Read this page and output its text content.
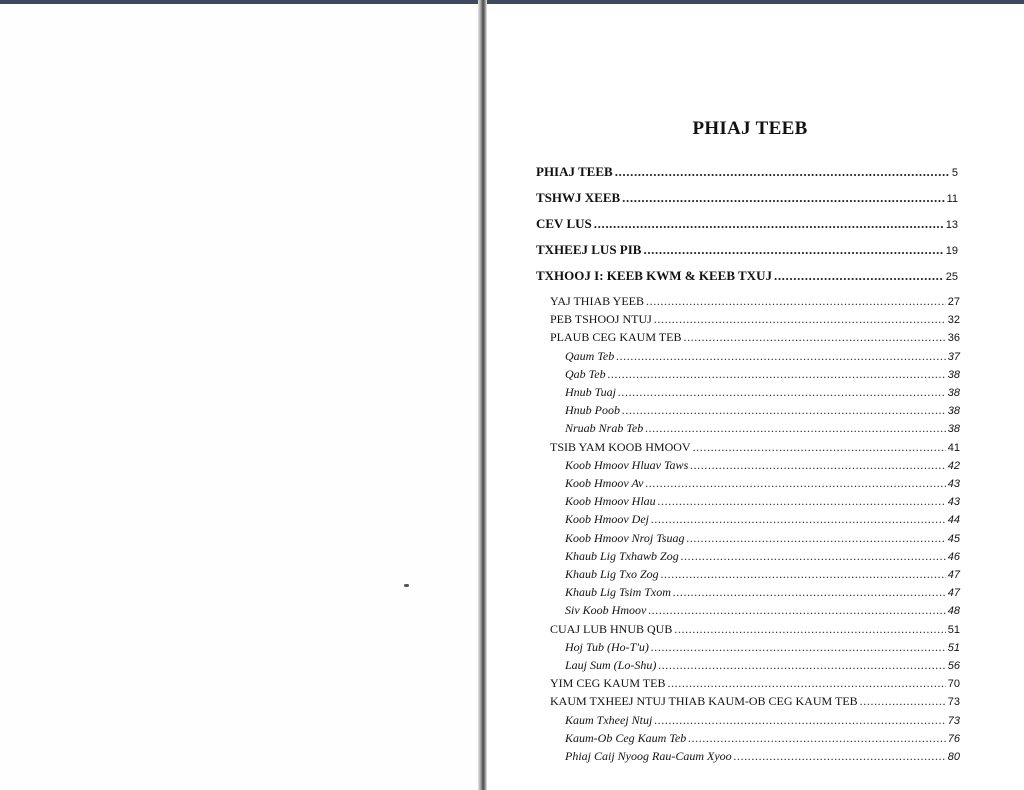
PHIAJ TEEB
PHIAJ TEEB .....	5
TSHWJ XEEB .....	11
CEV LUS .....	13
TXHEEJ LUS PIB .....	19
TXHOOJ I: KEEB KWM & KEEB TXUJ .....	25
YAJ THIAB YEEB .....	27
PEB TSHOOJ NTUJ .....	32
PLAUB CEG KAUM TEB .....	36
Qaum Teb .....	37
Qab Teb .....	38
Hnub Tuaj .....	38
Hnub Poob .....	38
Nruab Nrab Teb .....	38
TSIB YAM KOOB HMOOV .....	41
Koob Hmoov Hluav Taws .....	42
Koob Hmoov Av .....	43
Koob Hmoov Hlau .....	43
Koob Hmoov Dej .....	44
Koob Hmoov Nroj Tsuag .....	45
Khaub Lig Txhawb Zog .....	46
Khaub Lig Txo Zog .....	47
Khaub Lig Tsim Txom .....	47
Siv Koob Hmoov .....	48
CUAJ LUB HNUB QUB .....	51
Hoj Tub (Ho-T'u) .....	51
Lauj Sum (Lo-Shu) .....	56
YIM CEG KAUM TEB .....	70
KAUM TXHEEJ NTUJ THIAB KAUM-OB CEG KAUM TEB .....	73
Kaum Txheej Ntuj .....	73
Kaum-Ob Ceg Kaum Teb .....	76
Phiaj Caij Nyoog Rau-Caum Xyoo .....	80
